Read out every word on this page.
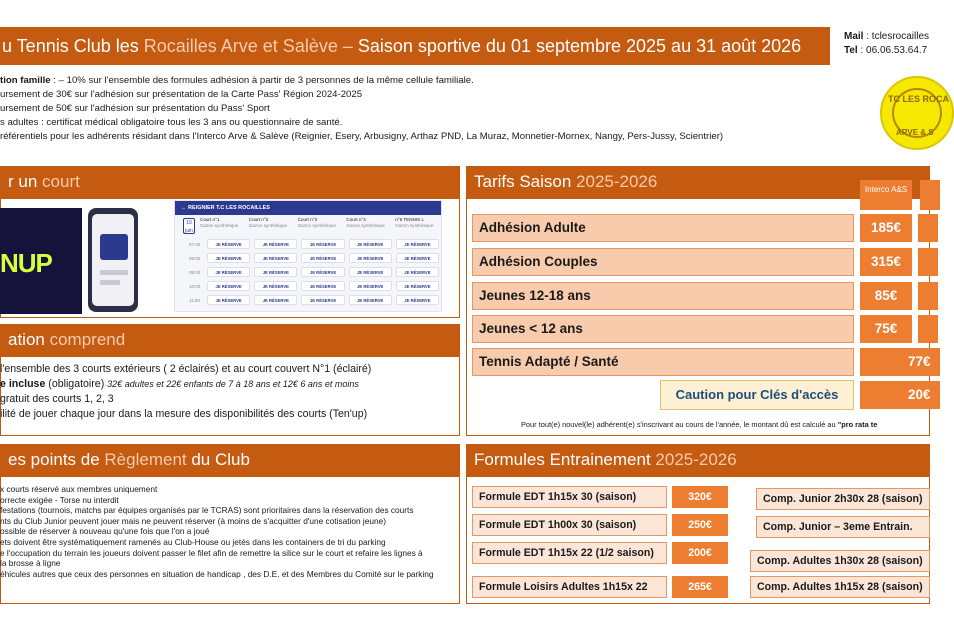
u Tennis Club les Rocailles Arve et Salève – Saison sportive du 01 septembre 2025 au 31 août 2026	Mail : tclesrocailles
Tel : 06.06.53.64.7
tion famille : – 10% sur l'ensemble des formules adhésion à partir de 3 personnes de la même cellule familiale.
ursement de 30€ sur l'adhésion sur présentation de la Carte Pass' Région 2024-2025
ursement de 50€ sur l'adhésion sur présentation du Pass' Sport
s adultes : certificat médical obligatoire tous les 3 ans ou questionnaire de santé.
référentiels pour les adhérents résidant dans l'Interco Arve & Salève (Reignier, Esery, Arbusigny, Arthaz PND, La Muraz, Monnetier-Mornex, Nangy, Pers-Jussy, Scientrier)
TC LES ROCA
ARVE & S
r un court
NUP
← REIGNIER T.C LES ROCAILLES
10
juin
Court n°1
Gazon synthétique
Court n°2
Gazon synthétique
Court n°3
Gazon synthétique
Court n°4
Gazon synthétique
n°5 TENNIS L
Gazon synthétique
07:00	JE RÉSERVE	JE RÉSERVE	JE RÉSERVE	JE RÉSERVE	JE RÉSERVE
08:00	JE RÉSERVE	JE RÉSERVE	JE RÉSERVE	JE RÉSERVE	JE RÉSERVE
09:00	JE RÉSERVE	JE RÉSERVE	JE RÉSERVE	JE RÉSERVE	JE RÉSERVE
10:00	JE RÉSERVE	JE RÉSERVE	JE RÉSERVE	JE RÉSERVE	JE RÉSERVE
11:00	JE RÉSERVE	JE RÉSERVE	JE RÉSERVE	JE RÉSERVE	JE RÉSERVE
ation comprend
l'ensemble des 3 courts extérieurs ( 2 éclairés) et au court couvert N°1 (éclairé)
e incluse (obligatoire) 32€ adultes et 22€ enfants de 7 à 18 ans et 12€ 6 ans et moins
gratuit des courts 1, 2, 3
ilité de jouer chaque jour dans la mesure des disponibilités des courts (Ten'up)
es points de Règlement du Club
x courts réservé aux membres uniquement
orrecte exigée - Torse nu interdit
festations (tournois, matchs par équipes organisés par le TCRAS) sont prioritaires dans la réservation des courts
nts du Club Junior peuvent jouer mais ne peuvent réserver (à moins de s'acquitter d'une cotisation jeune)
ossible de réserver à nouveau qu'une fois que l'on a joué
ets doivent être systématiquement ramenés au Club-House ou jetés dans les containers de tri du parking
e l'occupation du terrain les joueurs doivent passer le filet afin de remettre la silice sur le court et refaire les lignes à
la brosse à ligne
éhicules autres que ceux des personnes en situation de handicap , des D.E. et des Membres du Comité sur le parking
Tarifs Saison 2025-2026	Interco A&S
Adhésion Adulte	185€
Adhésion Couples	315€
Jeunes 12-18 ans	85€
Jeunes < 12 ans	75€
Tennis Adapté / Santé	77€
Caution pour Clés d'accès	20€
Pour tout(e) nouvel(le) adhérent(e) s'inscrivant au cours de l'année, le montant dû est calculé au "pro rata te
Formules Entrainement 2025-2026
Formule EDT 1h15x 30 (saison)	320€
Formule EDT 1h00x 30 (saison)	250€
Formule EDT 1h15x 22 (1/2 saison)	200€
Formule Loisirs Adultes 1h15x 22	265€
Comp. Junior 2h30x 28 (saison)
Comp. Junior – 3eme Entrain.
Comp. Adultes 1h30x 28 (saison)
Comp. Adultes 1h15x 28 (saison)
